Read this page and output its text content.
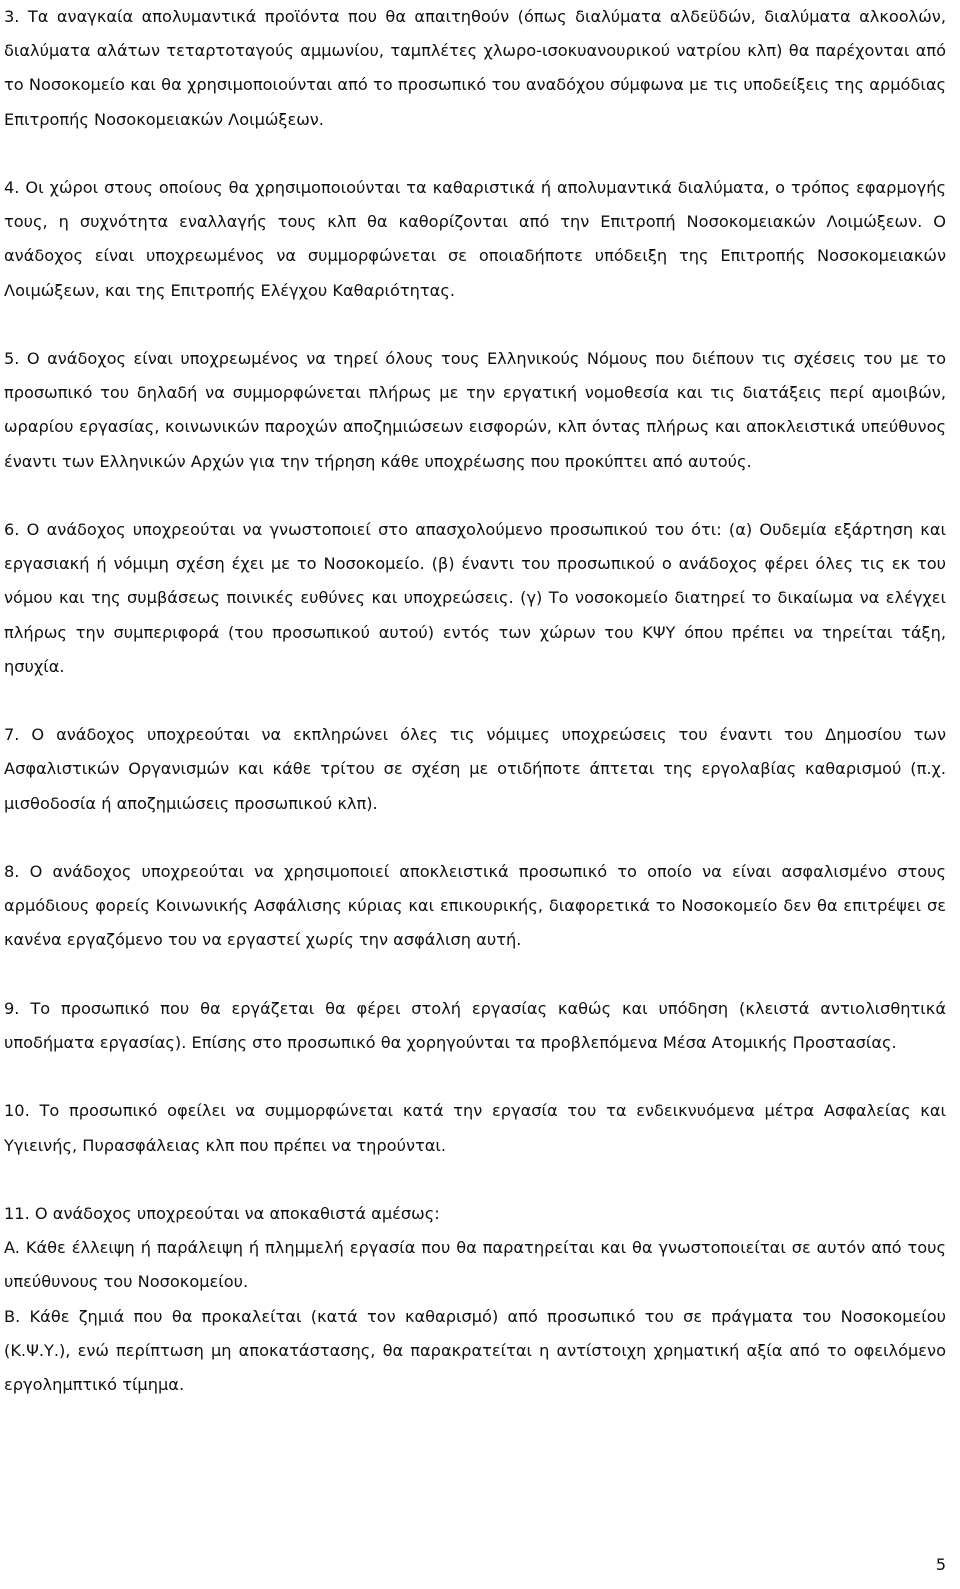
3. Τα αναγκαία απολυμαντικά προϊόντα που θα απαιτηθούν (όπως διαλύματα αλδεϋδών, διαλύματα αλκοολών, διαλύματα αλάτων τεταρτοταγούς αμμωνίου, ταμπλέτες χλωρο-ισοκυανουρικού νατρίου κλπ) θα παρέχονται από το Νοσοκομείο και θα χρησιμοποιούνται από το προσωπικό του αναδόχου σύμφωνα με τις υποδείξεις της αρμόδιας Επιτροπής Νοσοκομειακών Λοιμώξεων.

4. Οι χώροι στους οποίους θα χρησιμοποιούνται τα καθαριστικά ή απολυμαντικά διαλύματα, ο τρόπος εφαρμογής τους, η συχνότητα εναλλαγής τους κλπ θα καθορίζονται από την Επιτροπή Νοσοκομειακών Λοιμώξεων. Ο ανάδοχος είναι υποχρεωμένος να συμμορφώνεται σε οποιαδήποτε υπόδειξη της Επιτροπής Νοσοκομειακών Λοιμώξεων, και της Επιτροπής Ελέγχου Καθαριότητας.

5. Ο ανάδοχος είναι υποχρεωμένος να τηρεί όλους τους Ελληνικούς Νόμους που διέπουν τις σχέσεις του με το προσωπικό του δηλαδή να συμμορφώνεται πλήρως με την εργατική νομοθεσία και τις διατάξεις περί αμοιβών, ωραρίου εργασίας, κοινωνικών παροχών αποζημιώσεων εισφορών, κλπ όντας πλήρως και αποκλειστικά υπεύθυνος έναντι των Ελληνικών Αρχών για την τήρηση κάθε υποχρέωσης που προκύπτει από αυτούς.

6. Ο ανάδοχος υποχρεούται να γνωστοποιεί στο απασχολούμενο προσωπικού του ότι: (α) Ουδεμία εξάρτηση και εργασιακή ή νόμιμη σχέση έχει με το Νοσοκομείο. (β) έναντι του προσωπικού ο ανάδοχος φέρει όλες τις εκ του νόμου και της συμβάσεως ποινικές ευθύνες και υποχρεώσεις. (γ) Το νοσοκομείο διατηρεί το δικαίωμα να ελέγχει πλήρως την συμπεριφορά (του προσωπικού αυτού) εντός των χώρων του ΚΨΥ όπου πρέπει να τηρείται τάξη, ησυχία.

7. Ο ανάδοχος υποχρεούται να εκπληρώνει όλες τις νόμιμες υποχρεώσεις του έναντι του Δημοσίου των Ασφαλιστικών Οργανισμών και κάθε τρίτου σε σχέση με οτιδήποτε άπτεται της εργολαβίας καθαρισμού (π.χ. μισθοδοσία ή αποζημιώσεις προσωπικού κλπ).

8. Ο ανάδοχος υποχρεούται να χρησιμοποιεί αποκλειστικά προσωπικό το οποίο να είναι ασφαλισμένο στους αρμόδιους φορείς Κοινωνικής Ασφάλισης κύριας και επικουρικής, διαφορετικά το Νοσοκομείο δεν θα επιτρέψει σε κανένα εργαζόμενο του να εργαστεί χωρίς την ασφάλιση αυτή.

9. Το προσωπικό που θα εργάζεται θα φέρει στολή εργασίας καθώς και υπόδηση (κλειστά αντιολισθητικά υποδήματα εργασίας). Επίσης στο προσωπικό θα χορηγούνται τα προβλεπόμενα Μέσα Ατομικής Προστασίας.

10. Το προσωπικό οφείλει να συμμορφώνεται κατά την εργασία του τα ενδεικνυόμενα μέτρα Ασφαλείας και Υγιεινής, Πυρασφάλειας κλπ που πρέπει να τηρούνται.

11. Ο ανάδοχος υποχρεούται να αποκαθιστά αμέσως:

A. Κάθε έλλειψη ή παράλειψη ή πλημμελή εργασία που θα παρατηρείται και θα γνωστοποιείται σε αυτόν από τους υπεύθυνους του Νοσοκομείου.

B. Κάθε ζημιά που θα προκαλείται (κατά τον καθαρισμό) από προσωπικό του σε πράγματα του Νοσοκομείου (Κ.Ψ.Υ.), ενώ περίπτωση μη αποκατάστασης, θα παρακρατείται η αντίστοιχη χρηματική αξία από το οφειλόμενο εργολημπτικό τίμημα.

5
